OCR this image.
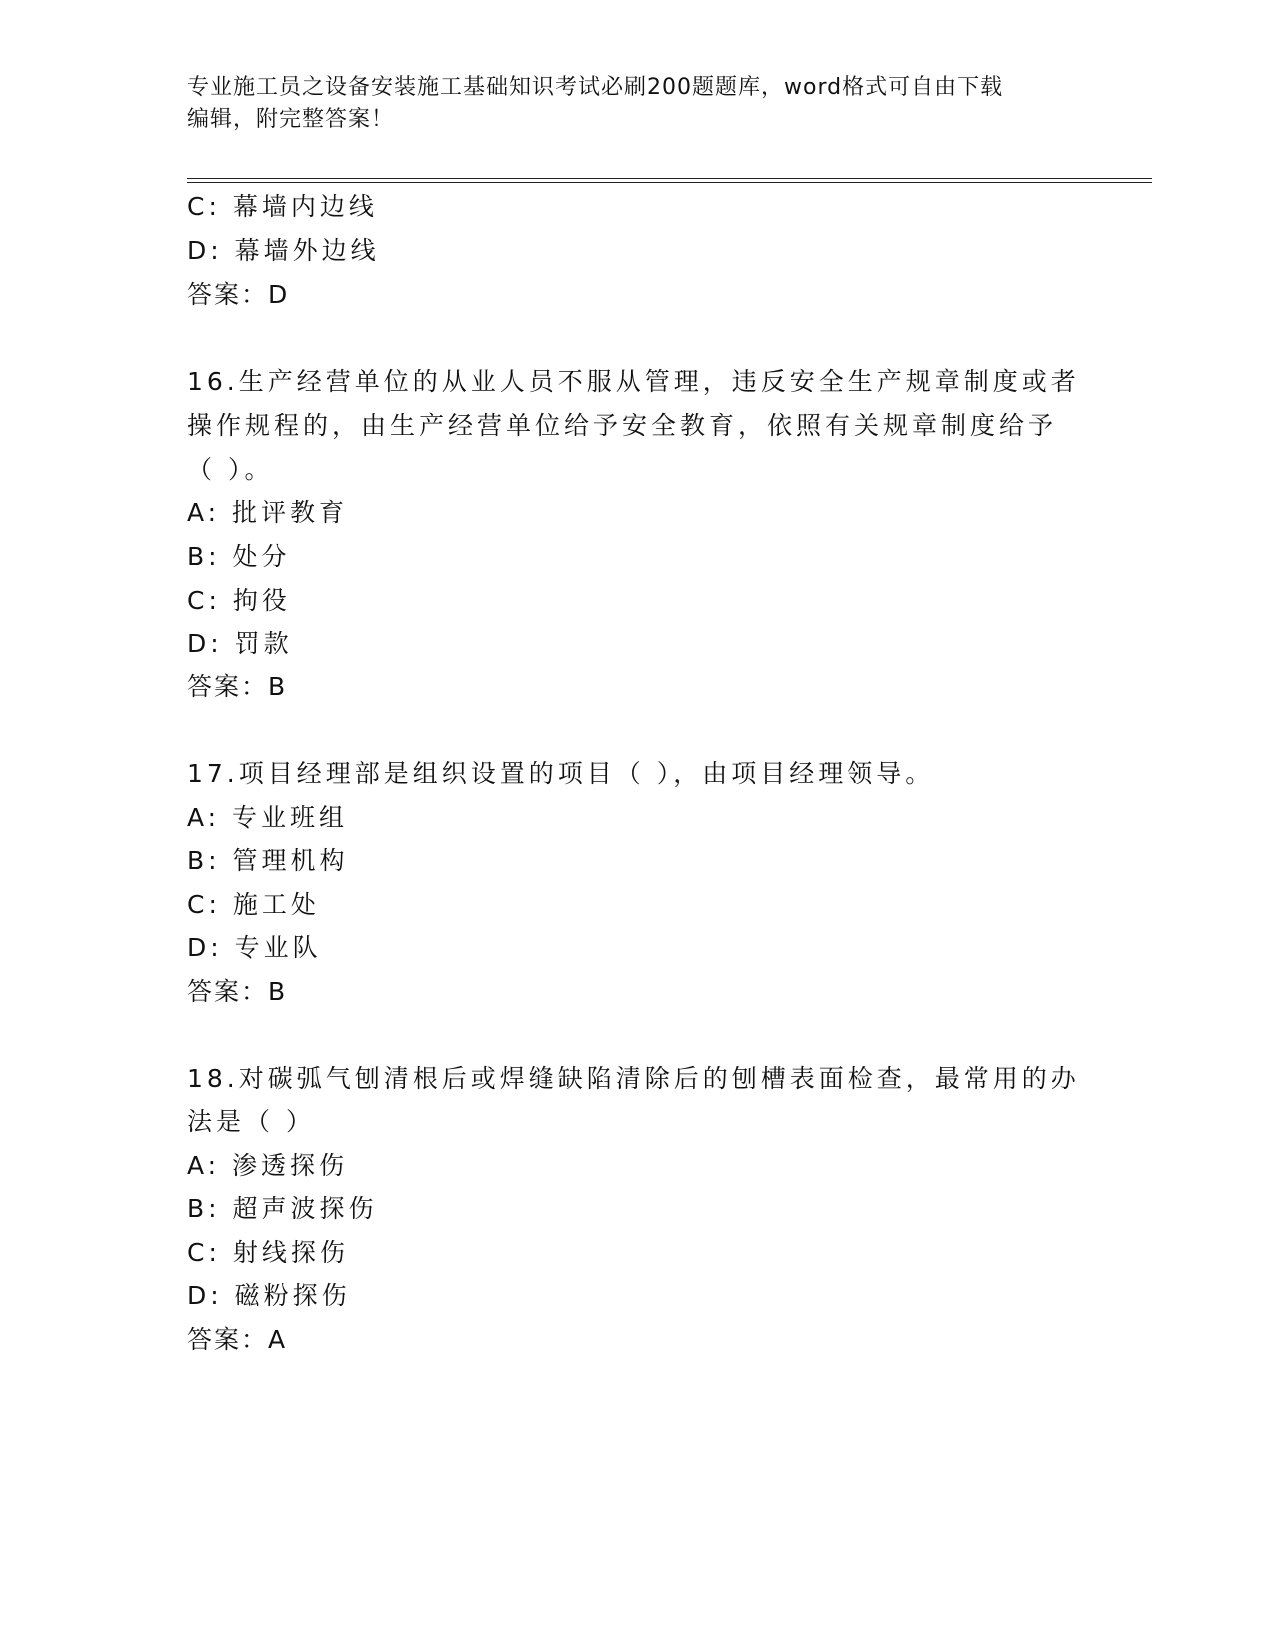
专业施工员之设备安装施工基础知识考试必刷200题题库，word格式可自由下载
编辑，附完整答案！
C: 幕墙内边线
D: 幕墙外边线
答案：D
16.生产经营单位的从业人员不服从管理，违反安全生产规章制度或者
操作规程的，由生产经营单位给予安全教育，依照有关规章制度给予
（ ）。
A: 批评教育
B: 处分
C: 拘役
D: 罚款
答案：B
17.项目经理部是组织设置的项目（ ），由项目经理领导。
A: 专业班组
B: 管理机构
C: 施工处
D: 专业队
答案：B
18.对碳弧气刨清根后或焊缝缺陷清除后的刨槽表面检查，最常用的办
法是（ ）
A: 渗透探伤
B: 超声波探伤
C: 射线探伤
D: 磁粉探伤
答案：A
